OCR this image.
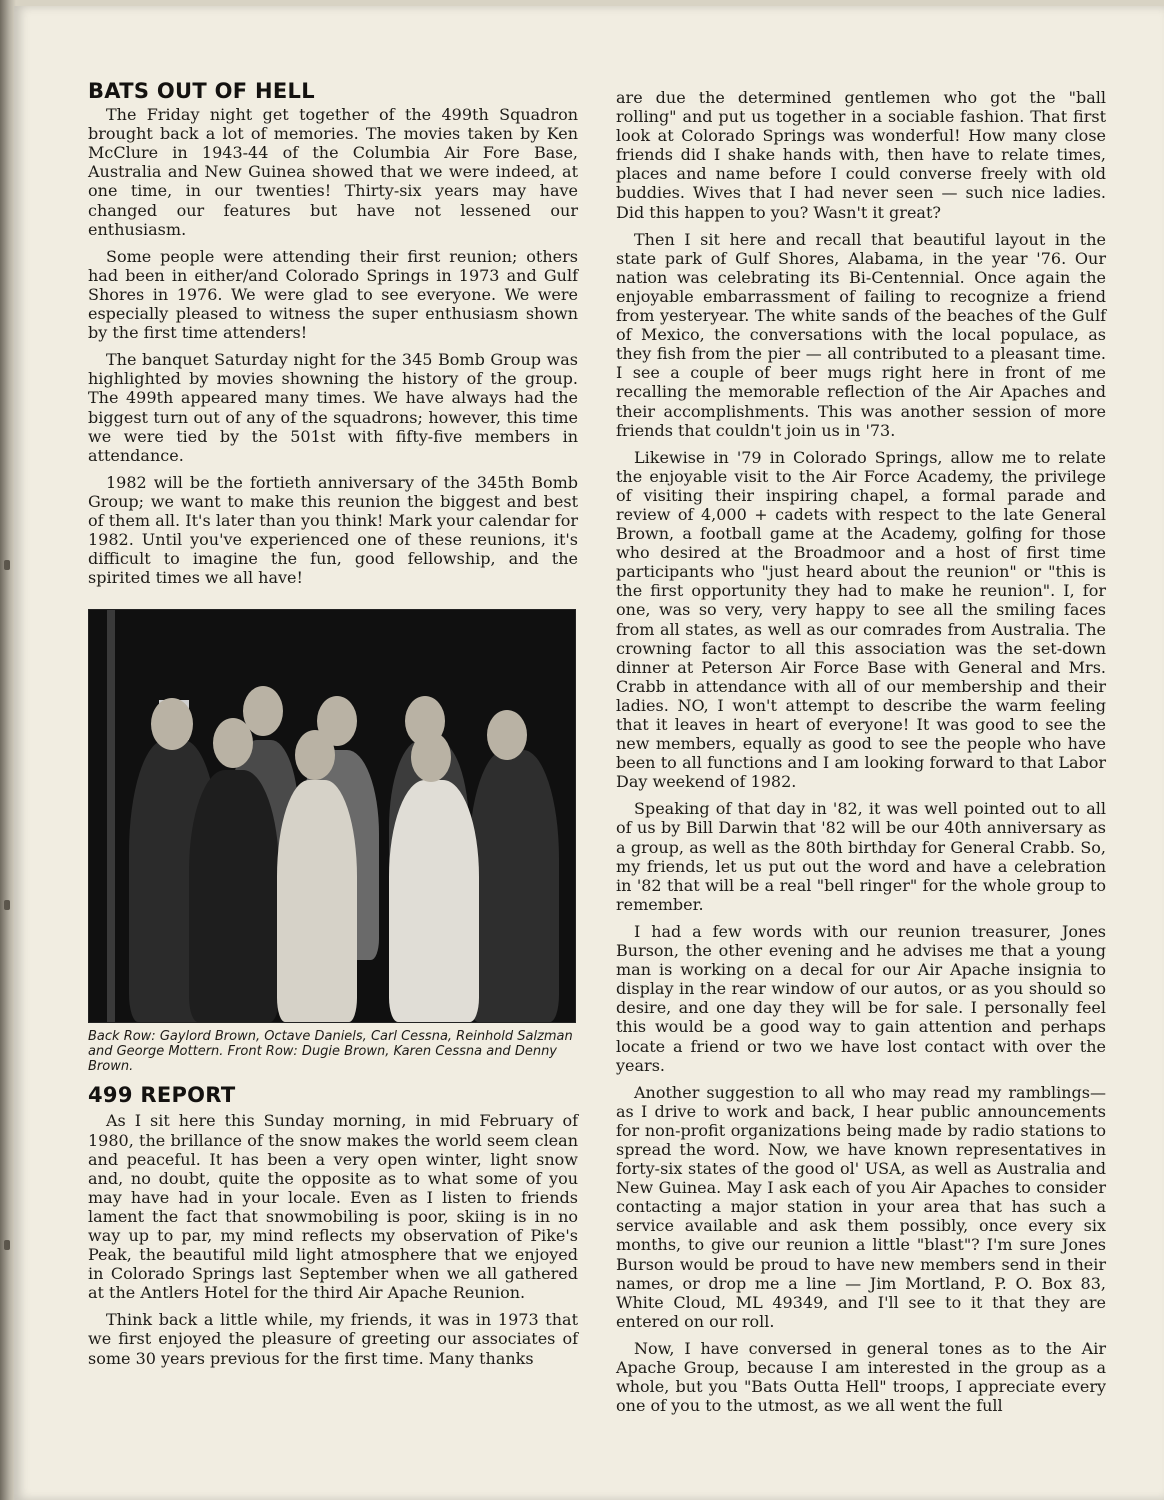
BATS OUT OF HELL

The Friday night get together of the 499th Squadron brought back a lot of memories. The movies taken by Ken McClure in 1943-44 of the Columbia Air Fore Base, Australia and New Guinea showed that we were indeed, at one time, in our twenties! Thirty-six years may have changed our features but have not lessened our enthusiasm.

Some people were attending their first reunion; others had been in either/and Colorado Springs in 1973 and Gulf Shores in 1976. We were glad to see everyone. We were especially pleased to witness the super enthusiasm shown by the first time attenders!

The banquet Saturday night for the 345 Bomb Group was highlighted by movies showning the history of the group. The 499th appeared many times. We have always had the biggest turn out of any of the squadrons; however, this time we were tied by the 501st with fifty-five members in attendance.

1982 will be the fortieth anniversary of the 345th Bomb Group; we want to make this reunion the biggest and best of them all. It's later than you think! Mark your calendar for 1982. Until you've experienced one of these reunions, it's difficult to imagine the fun, good fellowship, and the spirited times we all have!

Back Row: Gaylord Brown, Octave Daniels, Carl Cessna, Reinhold Salzman and George Mottern. Front Row: Dugie Brown, Karen Cessna and Denny Brown.
499 REPORT

As I sit here this Sunday morning, in mid February of 1980, the brillance of the snow makes the world seem clean and peaceful. It has been a very open winter, light snow and, no doubt, quite the opposite as to what some of you may have had in your locale. Even as I listen to friends lament the fact that snowmobiling is poor, skiing is in no way up to par, my mind reflects my observation of Pike's Peak, the beautiful mild light atmosphere that we enjoyed in Colorado Springs last September when we all gathered at the Antlers Hotel for the third Air Apache Reunion.

Think back a little while, my friends, it was in 1973 that we first enjoyed the pleasure of greeting our associates of some 30 years previous for the first time. Many thanks

are due the determined gentlemen who got the "ball rolling" and put us together in a sociable fashion. That first look at Colorado Springs was wonderful! How many close friends did I shake hands with, then have to relate times, places and name before I could converse freely with old buddies. Wives that I had never seen — such nice ladies. Did this happen to you? Wasn't it great?

Then I sit here and recall that beautiful layout in the state park of Gulf Shores, Alabama, in the year '76. Our nation was celebrating its Bi-Centennial. Once again the enjoyable embarrassment of failing to recognize a friend from yesteryear. The white sands of the beaches of the Gulf of Mexico, the conversations with the local populace, as they fish from the pier — all contributed to a pleasant time. I see a couple of beer mugs right here in front of me recalling the memorable reflection of the Air Apaches and their accomplishments. This was another session of more friends that couldn't join us in '73.

Likewise in '79 in Colorado Springs, allow me to relate the enjoyable visit to the Air Force Academy, the privilege of visiting their inspiring chapel, a formal parade and review of 4,000 + cadets with respect to the late General Brown, a football game at the Academy, golfing for those who desired at the Broadmoor and a host of first time participants who "just heard about the reunion" or "this is the first opportunity they had to make he reunion". I, for one, was so very, very happy to see all the smiling faces from all states, as well as our comrades from Australia. The crowning factor to all this association was the set-down dinner at Peterson Air Force Base with General and Mrs. Crabb in attendance with all of our membership and their ladies. NO, I won't attempt to describe the warm feeling that it leaves in heart of everyone! It was good to see the new members, equally as good to see the people who have been to all functions and I am looking forward to that Labor Day weekend of 1982.

Speaking of that day in '82, it was well pointed out to all of us by Bill Darwin that '82 will be our 40th anniversary as a group, as well as the 80th birthday for General Crabb. So, my friends, let us put out the word and have a celebration in '82 that will be a real "bell ringer" for the whole group to remember.

I had a few words with our reunion treasurer, Jones Burson, the other evening and he advises me that a young man is working on a decal for our Air Apache insignia to display in the rear window of our autos, or as you should so desire, and one day they will be for sale. I personally feel this would be a good way to gain attention and perhaps locate a friend or two we have lost contact with over the years.

Another suggestion to all who may read my ramblings— as I drive to work and back, I hear public announcements for non-profit organizations being made by radio stations to spread the word. Now, we have known representatives in forty-six states of the good ol' USA, as well as Australia and New Guinea. May I ask each of you Air Apaches to consider contacting a major station in your area that has such a service available and ask them possibly, once every six months, to give our reunion a little "blast"? I'm sure Jones Burson would be proud to have new members send in their names, or drop me a line — Jim Mortland, P. O. Box 83, White Cloud, ML 49349, and I'll see to it that they are entered on our roll.

Now, I have conversed in general tones as to the Air Apache Group, because I am interested in the group as a whole, but you "Bats Outta Hell" troops, I appreciate every one of you to the utmost, as we all went the full
